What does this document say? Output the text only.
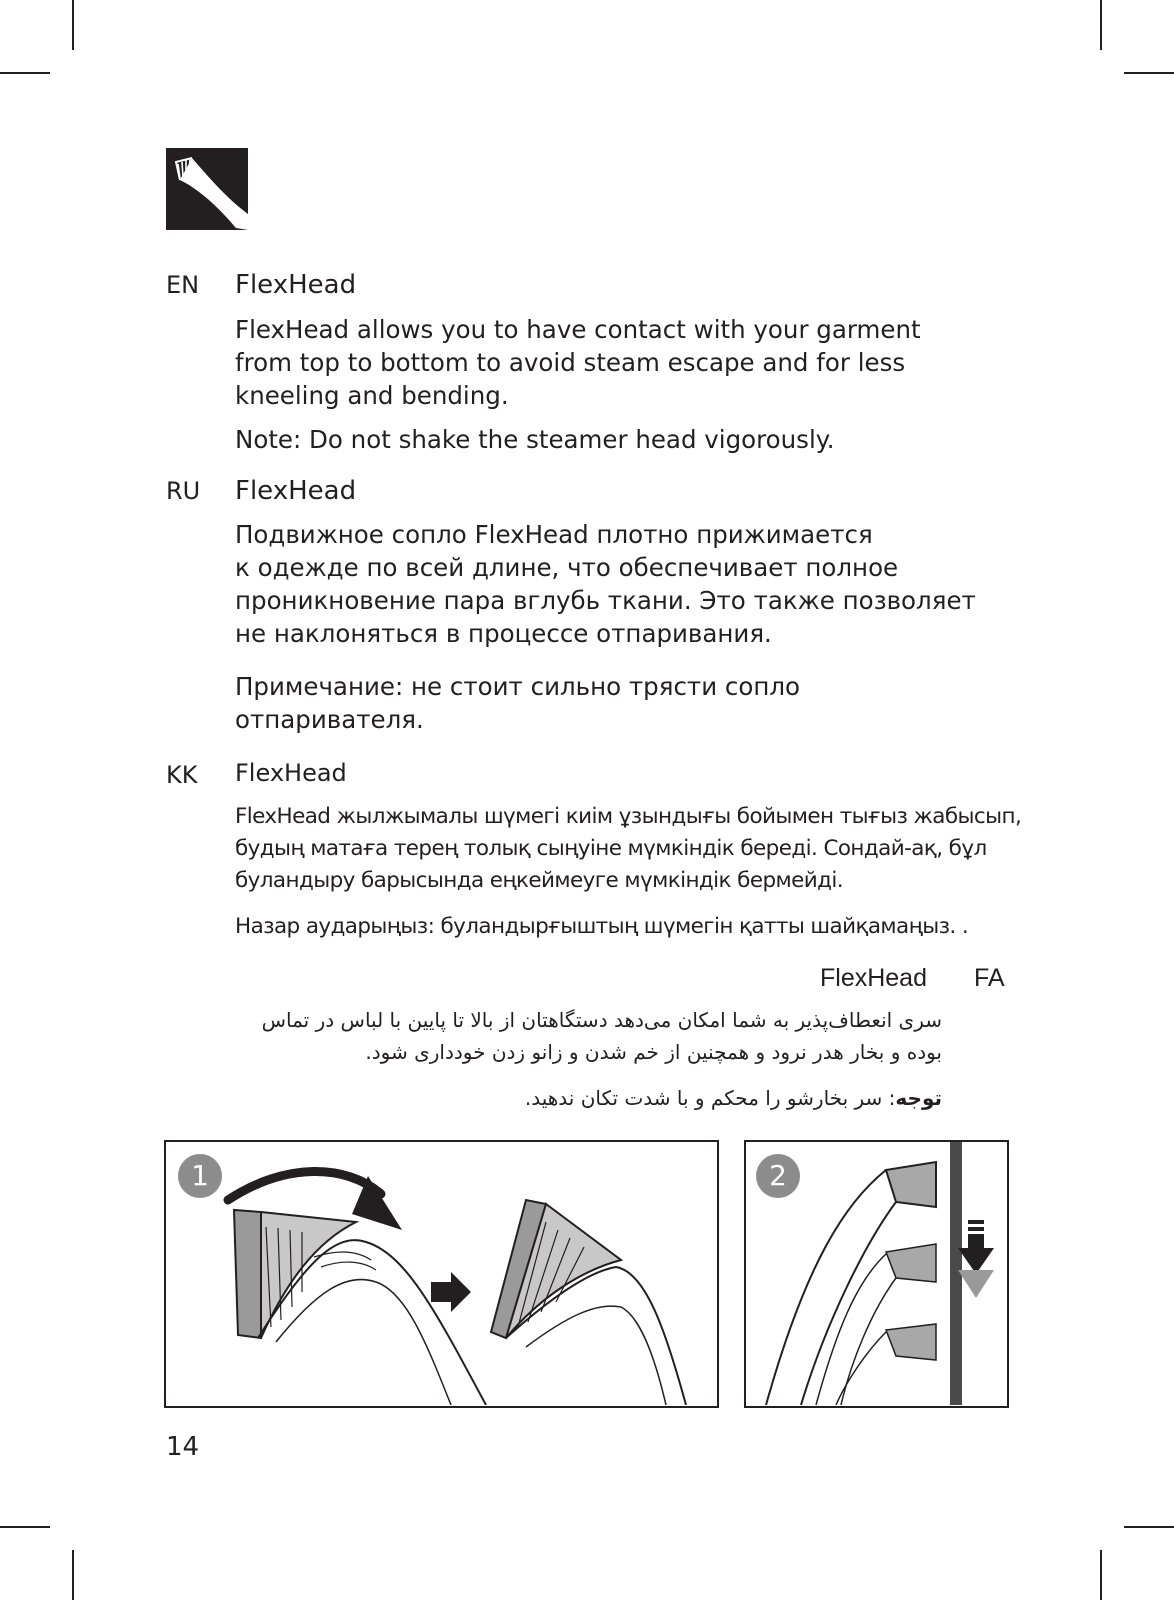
EN FlexHead
FlexHead allows you to have contact with your garment
from top to bottom to avoid steam escape and for less
kneeling and bending.
Note: Do not shake the steamer head vigorously.
RU FlexHead
Подвижное сопло FlexHead плотно прижимается
к одежде по всей длине, что обеспечивает полное
проникновение пара вглубь ткани. Это также позволяет
не наклоняться в процессе отпаривания.
Примечание: не стоит сильно трясти сопло
отпаривателя.
KK FlexHead
FlexHead жылжымалы шүмегі киім ұзындығы бойымен тығыз жабысып,
будың матаға терең толық сыңуіне мүмкіндік береді. Сондай-ақ, бұл
буландыру барысында еңкеймеуге мүмкіндік бермейді.
Назар аударыңыз: буландырғыштың шүмегін қатты шайқамаңыз. .
FlexHead FA
سری انعطاف‌پذیر به شما امکان می‌دهد دستگاهتان از بالا تا پایین با لباس در تماس
بوده و بخار هدر نرود و همچنین از خم شدن و زانو زدن خودداری شود.
توجه: سر بخارشو را محکم و با شدت تکان ندهید.
1	2
14
